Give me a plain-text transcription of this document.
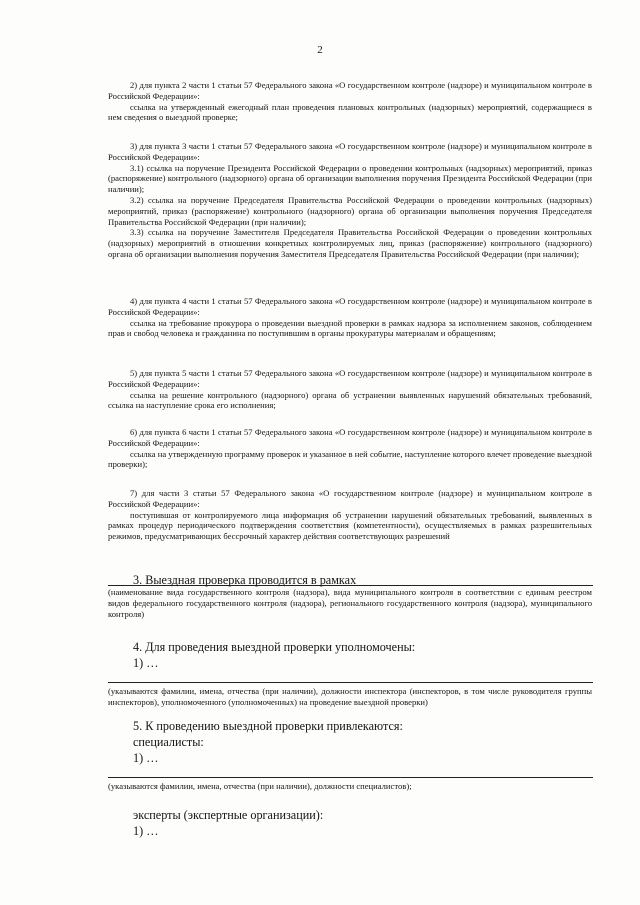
2

2) для пункта 2 части 1 статьи 57 Федерального закона «О государственном контроле (надзоре) и муниципальном контроле в Российской Федерации»:

ссылка на утвержденный ежегодный план проведения плановых контрольных (надзорных) мероприятий, содержащиеся в нем сведения о выездной проверке;

3) для пункта 3 части 1 статьи 57 Федерального закона «О государственном контроле (надзоре) и муниципальном контроле в Российской Федерации»:

3.1) ссылка на поручение Президента Российской Федерации о проведении контрольных (надзорных) мероприятий, приказ (распоряжение) контрольного (надзорного) органа об организации выполнения поручения Президента Российской Федерации (при наличии);

3.2) ссылка на поручение Председателя Правительства Российской Федерации о проведении контрольных (надзорных) мероприятий, приказ (распоряжение) контрольного (надзорного) органа об организации выполнения поручения Председателя Правительства Российской Федерации (при наличии);

3.3) ссылка на поручение Заместителя Председателя Правительства Российской Федерации о проведении контрольных (надзорных) мероприятий в отношении конкретных контролируемых лиц, приказ (распоряжение) контрольного (надзорного) органа об организации выполнения поручения Заместителя Председателя Правительства Российской Федерации (при наличии);

4) для пункта 4 части 1 статьи 57 Федерального закона «О государственном контроле (надзоре) и муниципальном контроле в Российской Федерации»:

ссылка на требование прокурора о проведении выездной проверки в рамках надзора за исполнением законов, соблюдением прав и свобод человека и гражданина по поступившим в органы прокуратуры материалам и обращениям;

5) для пункта 5 части 1 статьи 57 Федерального закона «О государственном контроле (надзоре) и муниципальном контроле в Российской Федерации»:

ссылка на решение контрольного (надзорного) органа об устранении выявленных нарушений обязательных требований, ссылка на наступление срока его исполнения;

6) для пункта 6 части 1 статьи 57 Федерального закона «О государственном контроле (надзоре) и муниципальном контроле в Российской Федерации»:

ссылка на утвержденную программу проверок и указанное в ней событие, наступление которого влечет проведение выездной проверки);

7) для части 3 статьи 57 Федерального закона «О государственном контроле (надзоре) и муниципальном контроле в Российской Федерации»:

поступившая от контролируемого лица информация об устранении нарушений обязательных требований, выявленных в рамках процедур периодического подтверждения соответствия (компетентности), осуществляемых в рамках разрешительных режимов, предусматривающих бессрочный характер действия соответствующих разрешений

3. Выездная проверка проводится в рамках
(наименование вида государственного контроля (надзора), вида муниципального контроля в соответствии с единым реестром видов федерального государственного контроля (надзора), регионального государственного контроля (надзора), муниципального контроля)
4. Для проведения выездной проверки уполномочены:
1) …
…
(указываются фамилии, имена, отчества (при наличии), должности инспектора (инспекторов, в том числе руководителя группы инспекторов), уполномоченного (уполномоченных) на проведение выездной проверки)
5. К проведению выездной проверки привлекаются:
специалисты:
1) …
…
(указываются фамилии, имена, отчества (при наличии), должности специалистов);
эксперты (экспертные организации):
1) …
